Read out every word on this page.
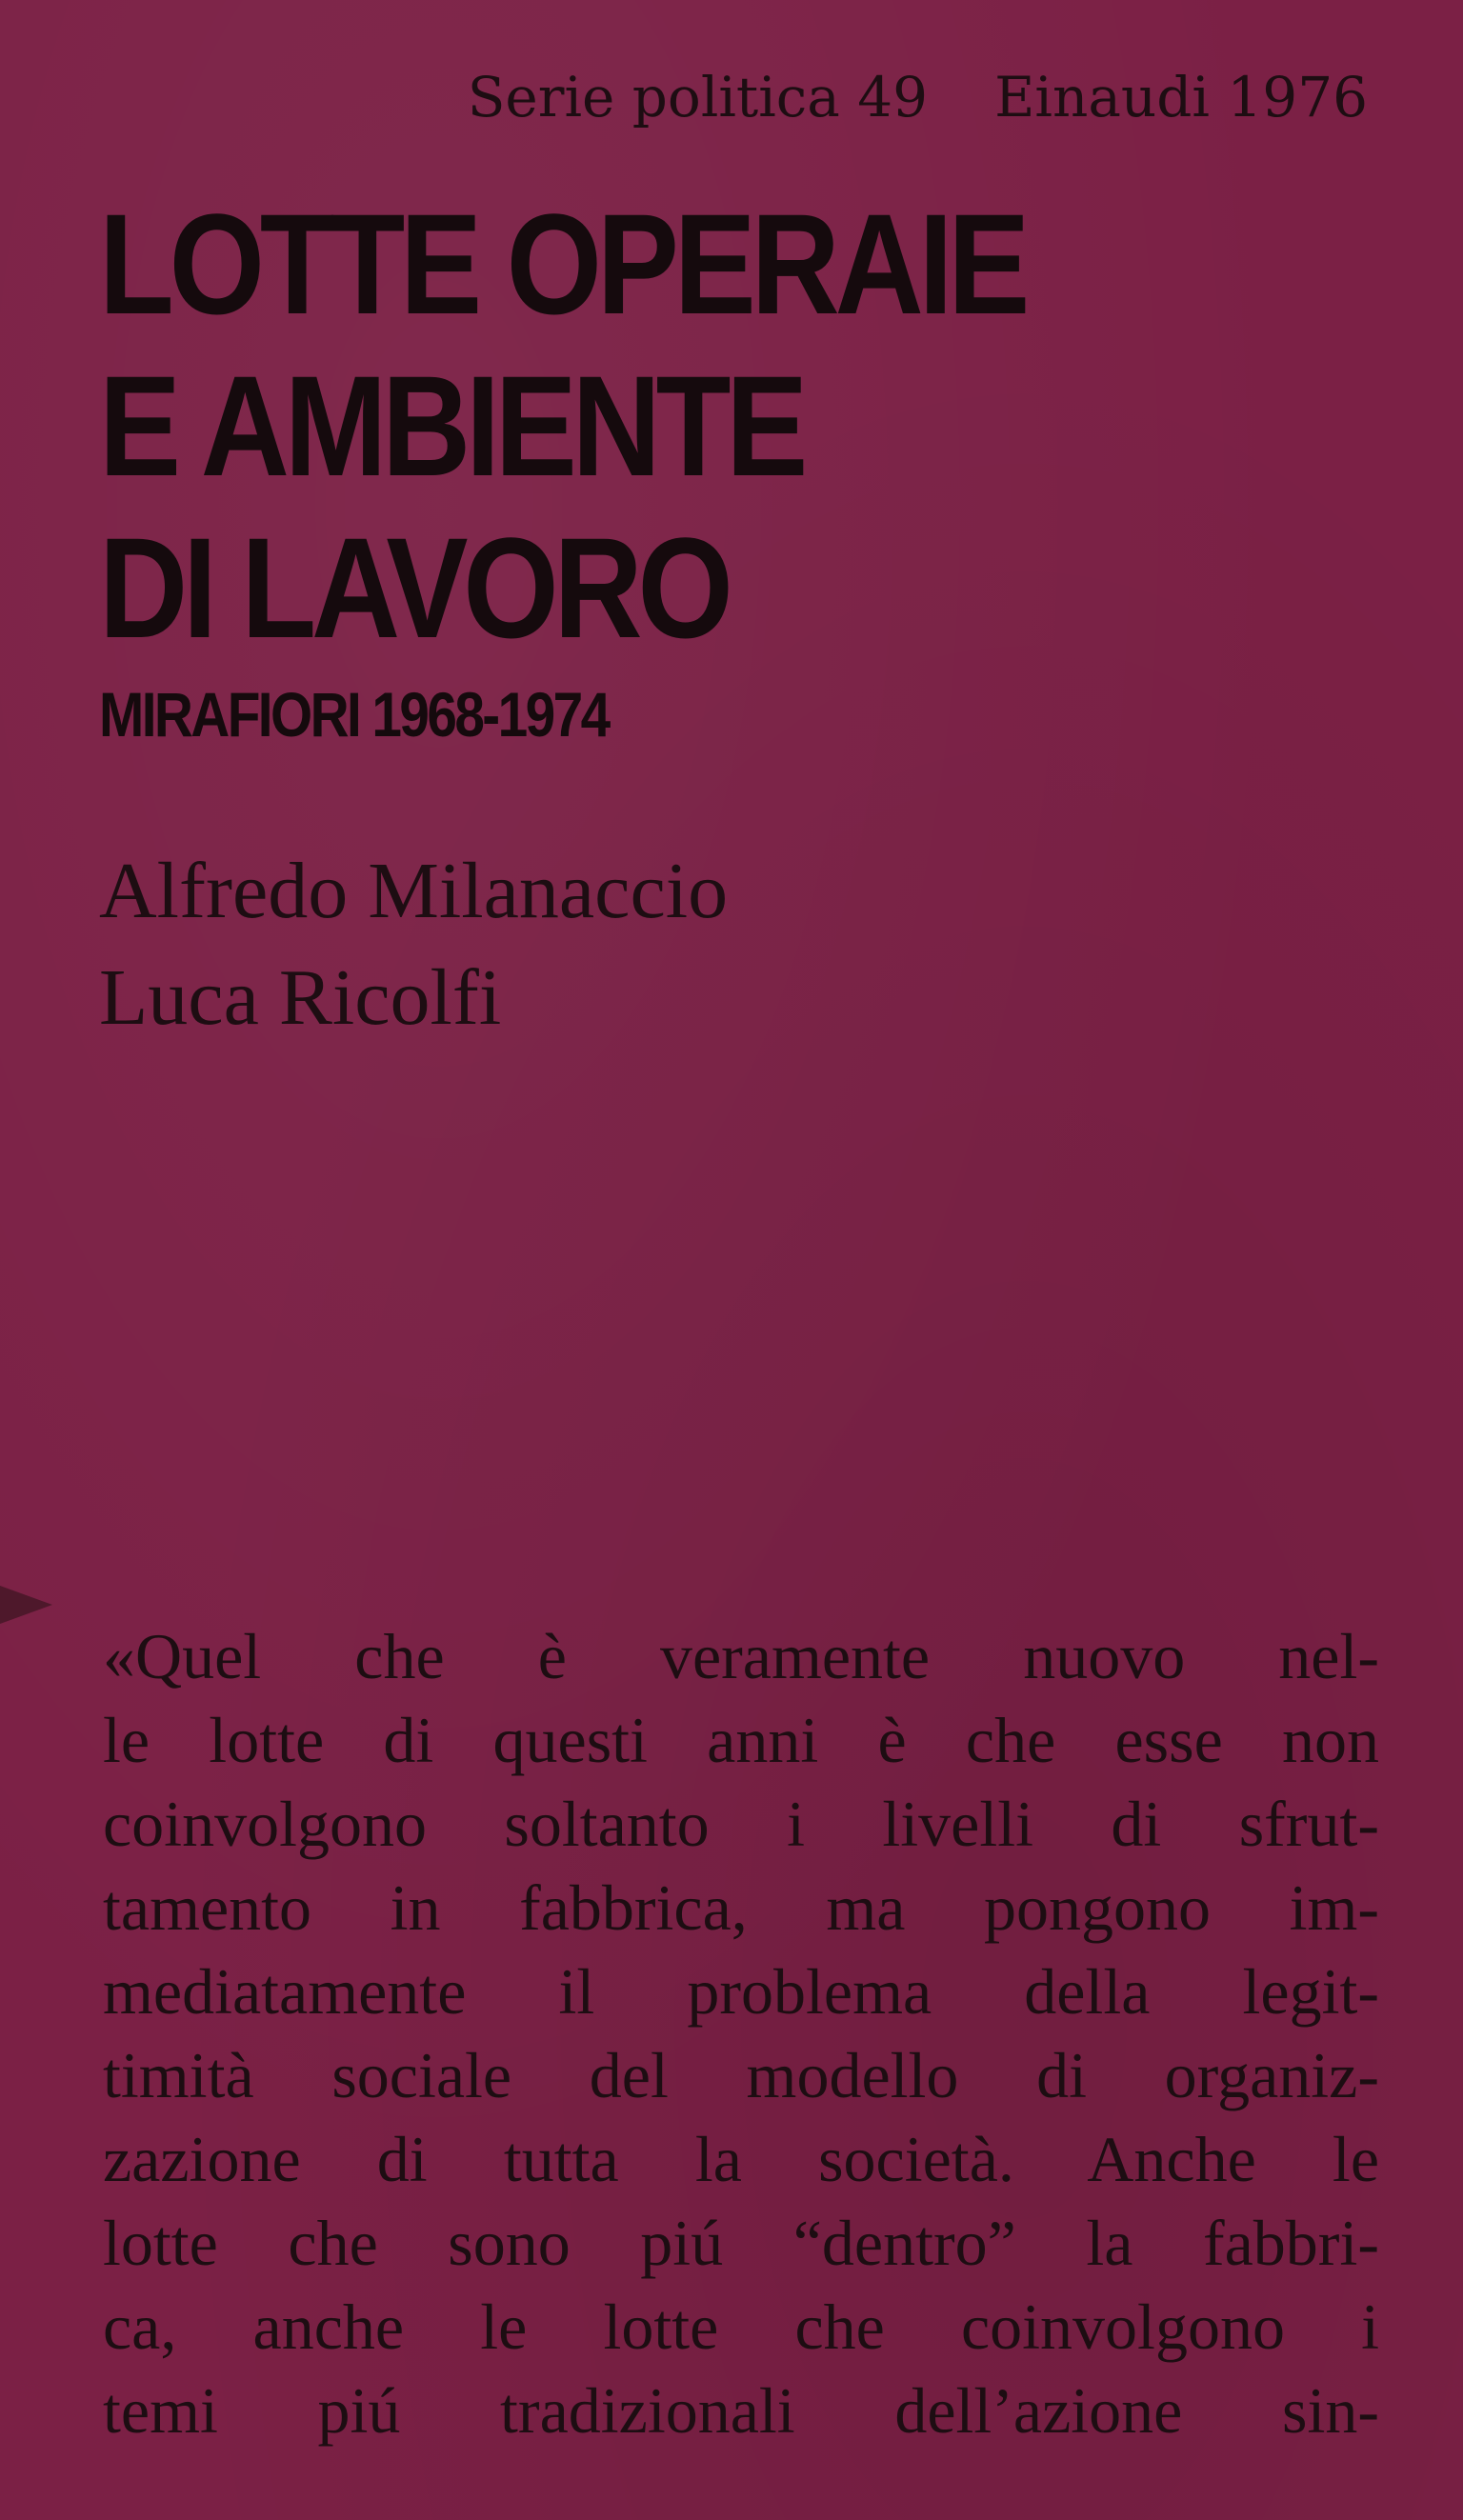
Serie politica 49 Einaudi 1976
LOTTE OPERAIE
E AMBIENTE
DI LAVORO
MIRAFIORI 1968-1974
Alfredo Milanaccio
Luca Ricolfi
«Quel che è veramente nuovo nel-
le lotte di questi anni è che esse non
coinvolgono soltanto i livelli di sfrut-
tamento in fabbrica, ma pongono im-
mediatamente il problema della legit-
timità sociale del modello di organiz-
zazione di tutta la società. Anche le
lotte che sono piú “dentro” la fabbri-
ca, anche le lotte che coinvolgono i
temi piú tradizionali dell’azione sin-
